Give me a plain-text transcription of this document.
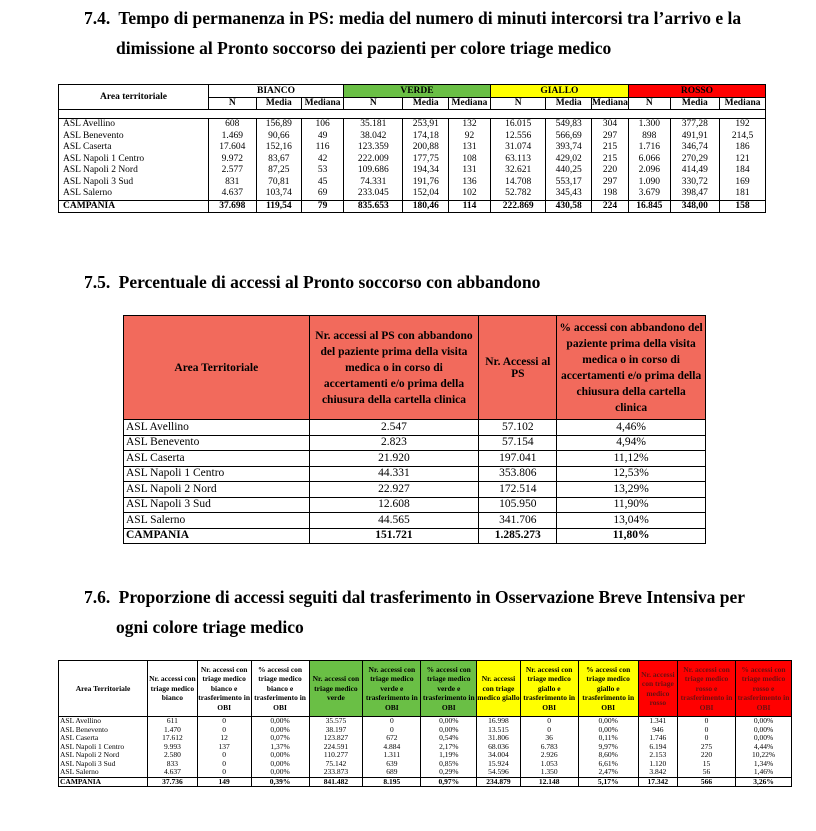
7.4. Tempo di permanenza in PS: media del numero di minuti intercorsi tra l’arrivo e la
dimissione al Pronto soccorso dei pazienti per colore triage medico
Area territoriale	BIANCO			VERDE			GIALLO			ROSSO		
	N	Media	Mediana	N	Media	Mediana	N	Media	Mediana	N	Media	Mediana

ASL Avellino	608	156,89	106	35.181	253,91	132	16.015	549,83	304	1.300	377,28	192
ASL Benevento	1.469	90,66	49	38.042	174,18	92	12.556	566,69	297	898	491,91	214,5
ASL Caserta	17.604	152,16	116	123.359	200,88	131	31.074	393,74	215	1.716	346,74	186
ASL Napoli 1 Centro	9.972	83,67	42	222.009	177,75	108	63.113	429,02	215	6.066	270,29	121
ASL Napoli 2 Nord	2.577	87,25	53	109.686	194,34	131	32.621	440,25	220	2.096	414,49	184
ASL Napoli 3 Sud	831	70,81	45	74.331	191,76	136	14.708	553,17	297	1.090	330,72	169
ASL Salerno	4.637	103,74	69	233.045	152,04	102	52.782	345,43	198	3.679	398,47	181
CAMPANIA	37.698	119,54	79	835.653	180,46	114	222.869	430,58	224	16.845	348,00	158
7.5. Percentuale di accessi al Pronto soccorso con abbandono
Area Territoriale	Nr. accessi al PS con abbandono del paziente prima della visita medica o in corso di accertamenti e/o prima della chiusura della cartella clinica	Nr. Accessi al PS	% accessi con abbandono del paziente prima della visita medica o in corso di accertamenti e/o prima della chiusura della cartella clinica
ASL Avellino	2.547	57.102	4,46%
ASL Benevento	2.823	57.154	4,94%
ASL Caserta	21.920	197.041	11,12%
ASL Napoli 1 Centro	44.331	353.806	12,53%
ASL Napoli 2 Nord	22.927	172.514	13,29%
ASL Napoli 3 Sud	12.608	105.950	11,90%
ASL Salerno	44.565	341.706	13,04%
CAMPANIA	151.721	1.285.273	11,80%
7.6. Proporzione di accessi seguiti dal trasferimento in Osservazione Breve Intensiva per
ogni colore triage medico
Area Territoriale	Nr. accessi con triage medico bianco	Nr. accessi con triage medico bianco e trasferimento in OBI	% accessi con triage medico bianco e trasferimento in OBI	Nr. accessi con triage medico verde	Nr. accessi con triage medico verde e trasferimento in OBI	% accessi con triage medico verde e trasferimento in OBI	Nr. accessi con triage medico giallo	Nr. accessi con triage medico giallo e trasferimento in OBI	% accessi con triage medico giallo e trasferimento in OBI	Nr. accessi con triage medico rosso	Nr. accessi con triage medico rosso e trasferimento in OBI	% accessi con triage medico rosso e trasferimento in OBI
ASL Avellino	611	0	0,00%	35.575	0	0,00%	16.998	0	0,00%	1.341	0	0,00%
ASL Benevento	1.470	0	0,00%	38.197	0	0,00%	13.515	0	0,00%	946	0	0,00%
ASL Caserta	17.612	12	0,07%	123.827	672	0,54%	31.806	36	0,11%	1.746	0	0,00%
ASL Napoli 1 Centro	9.993	137	1,37%	224.591	4.884	2,17%	68.036	6.783	9,97%	6.194	275	4,44%
ASL Napoli 2 Nord	2.580	0	0,00%	110.277	1.311	1,19%	34.004	2.926	8,60%	2.153	220	10,22%
ASL Napoli 3 Sud	833	0	0,00%	75.142	639	0,85%	15.924	1.053	6,61%	1.120	15	1,34%
ASL Salerno	4.637	0	0,00%	233.873	689	0,29%	54.596	1.350	2,47%	3.842	56	1,46%
CAMPANIA	37.736	149	0,39%	841.482	8.195	0,97%	234.879	12.148	5,17%	17.342	566	3,26%
